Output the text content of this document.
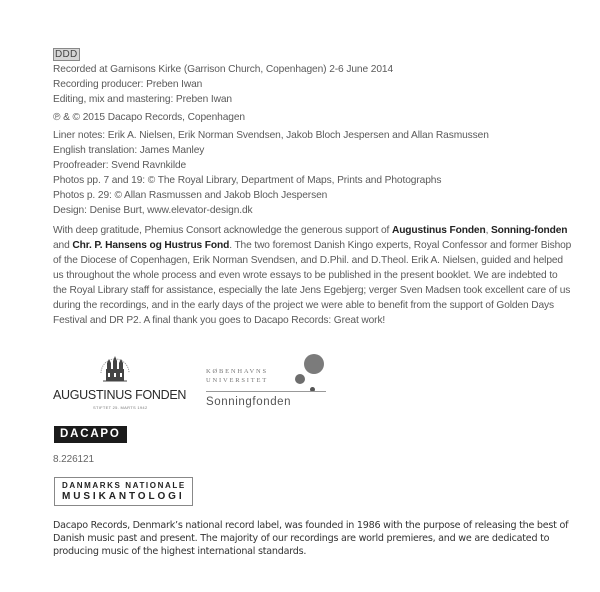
DDD
Recorded at Garnisons Kirke (Garrison Church, Copenhagen) 2-6 June 2014
Recording producer: Preben Iwan
Editing, mix and mastering: Preben Iwan
℗ & © 2015 Dacapo Records, Copenhagen
Liner notes: Erik A. Nielsen, Erik Norman Svendsen, Jakob Bloch Jespersen and Allan Rasmussen
English translation: James Manley
Proofreader: Svend Ravnkilde
Photos pp. 7 and 19: © The Royal Library, Department of Maps, Prints and Photographs
Photos p. 29: © Allan Rasmussen and Jakob Bloch Jespersen
Design: Denise Burt, www.elevator-design.dk
With deep gratitude, Phemius Consort acknowledge the generous support of Augustinus Fonden, Sonning-fonden and Chr. P. Hansens og Hustrus Fond. The two foremost Danish Kingo experts, Royal Confessor and former Bishop of the Diocese of Copenhagen, Erik Norman Svendsen, and D.Phil. and D.Theol. Erik A. Nielsen, guided and helped us throughout the whole process and even wrote essays to be published in the present booklet. We are indebted to the Royal Library staff for assistance, especially the late Jens Egebjerg; verger Sven Madsen took excellent care of us during the recordings, and in the early days of the project we were able to benefit from the support of Golden Days Festival and DR P2. A final thank you goes to Dacapo Records: Great work!
AUGUSTINUS FONDEN
STIFTET 25. MARTS 1942
KØBENHAVNS
UNIVERSITET
Sonningfonden
DACAPO
8.226121
DANMARKS NATIONALE
MUSIKANTOLOGI
Dacapo Records, Denmark’s national record label, was founded in 1986 with the purpose of releasing the best of Danish music past and present. The majority of our recordings are world premieres, and we are dedicated to producing music of the highest international standards.
